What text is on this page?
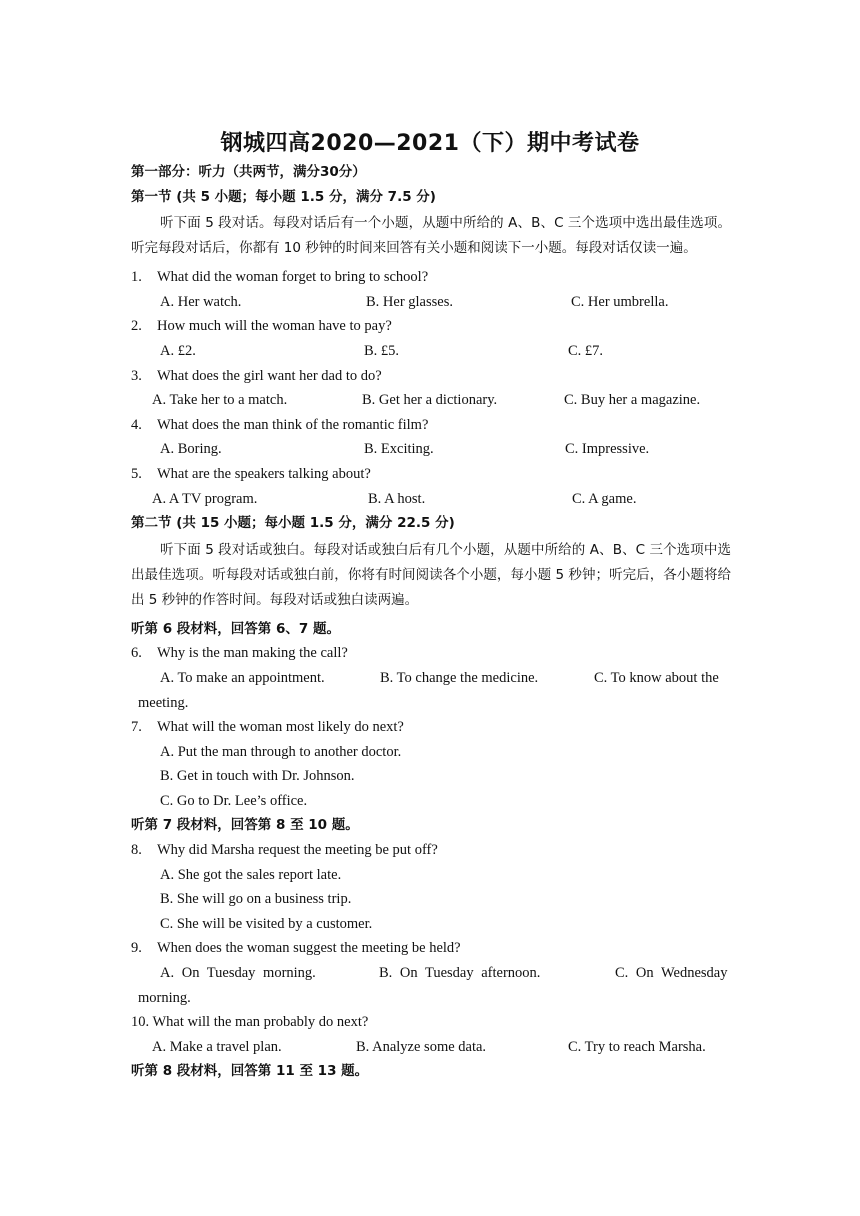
钢城四高2020—2021（下）期中考试卷
第一部分：听力（共两节，满分30分）
第一节 (共 5 小题；每小题 1.5 分，满分 7.5 分)
听下面 5 段对话。每段对话后有一个小题，从题中所给的 A、B、C 三个选项中选出最佳选项。听完每段对话后，你都有 10 秒钟的时间来回答有关小题和阅读下一小题。每段对话仅读一遍。
1. What did the woman forget to bring to school?
A. Her watch.	B. Her glasses.	C. Her umbrella.
2. How much will the woman have to pay?
A. £2.	B. £5.	C. £7.
3. What does the girl want her dad to do?
A. Take her to a match.	B. Get her a dictionary.	C. Buy her a magazine.
4. What does the man think of the romantic film?
A. Boring.	B. Exciting.	C. Impressive.
5. What are the speakers talking about?
A. A TV program.	B. A host.	C. A game.
第二节 (共 15 小题；每小题 1.5 分，满分 22.5 分)
听下面 5 段对话或独白。每段对话或独白后有几个小题，从题中所给的 A、B、C 三个选项中选出最佳选项。听每段对话或独白前，你将有时间阅读各个小题，每小题 5 秒钟；听完后，各小题将给出 5 秒钟的作答时间。每段对话或独白读两遍。
听第 6 段材料，回答第 6、7 题。
6. Why is the man making the call?
A. To make an appointment.	B. To change the medicine.	C. To know about the
meeting.
7. What will the woman most likely do next?
A. Put the man through to another doctor.
B. Get in touch with Dr. Johnson.
C. Go to Dr. Lee’s office.
听第 7 段材料，回答第 8 至 10 题。
8. Why did Marsha request the meeting be put off?
A. She got the sales report late.
B. She will go on a business trip.
C. She will be visited by a customer.
9. When does the woman suggest the meeting be held?
A. On Tuesday morning.	B. On Tuesday afternoon.	C. On Wednesday
morning.
10. What will the man probably do next?
A. Make a travel plan.	B. Analyze some data.	C. Try to reach Marsha.
听第 8 段材料，回答第 11 至 13 题。
